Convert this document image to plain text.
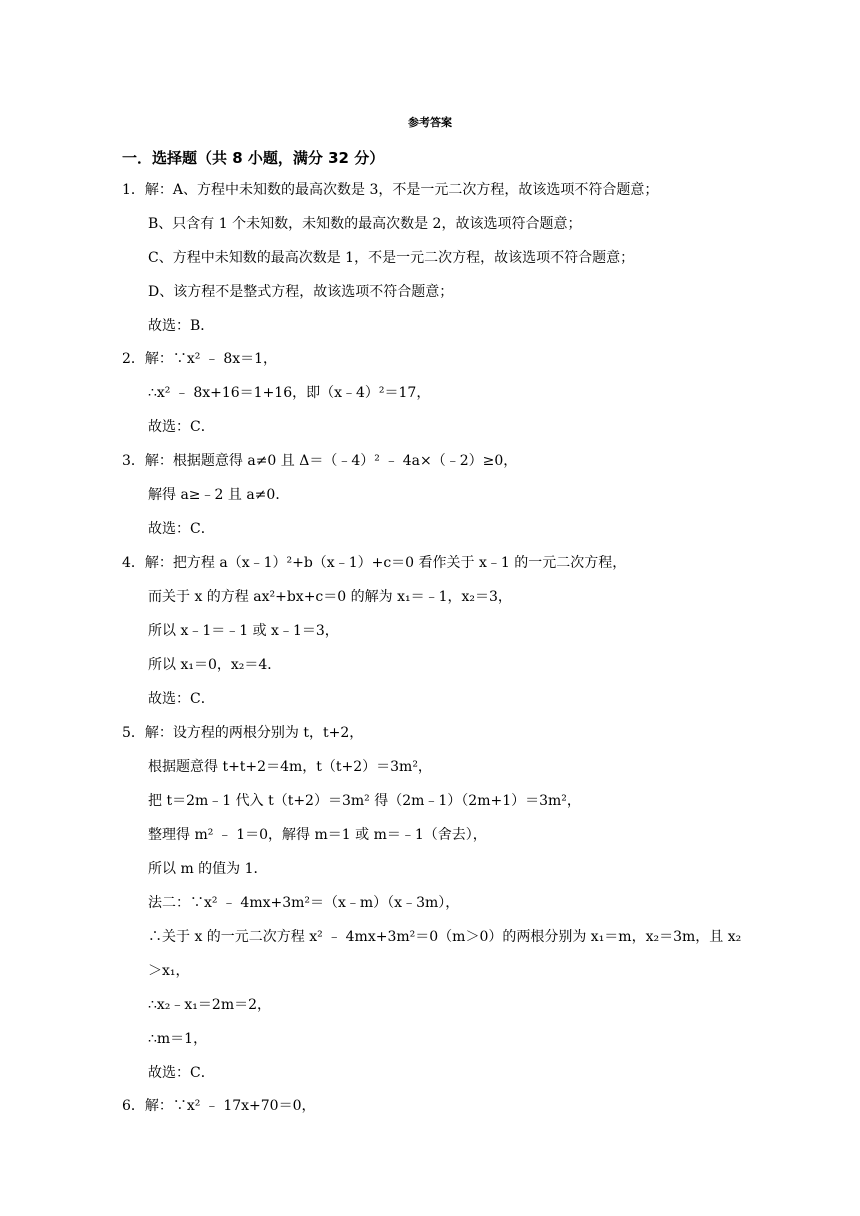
参考答案
一．选择题（共 8 小题，满分 32 分）
1．解：A、方程中未知数的最高次数是 3，不是一元二次方程，故该选项不符合题意；
B、只含有 1 个未知数，未知数的最高次数是 2，故该选项符合题意；
C、方程中未知数的最高次数是 1，不是一元二次方程，故该选项不符合题意；
D、该方程不是整式方程，故该选项不符合题意；
故选：B．
2．解：∵x² ﹣ 8x＝1，
∴x² ﹣ 8x+16＝1+16，即（x﹣4）²＝17，
故选：C．
3．解：根据题意得 a≠0 且 Δ＝（﹣4）² ﹣ 4a×（﹣2）≥0，
解得 a≥﹣2 且 a≠0．
故选：C．
4．解：把方程 a（x﹣1）²+b（x﹣1）+c＝0 看作关于 x﹣1 的一元二次方程，
而关于 x 的方程 ax²+bx+c＝0 的解为 x₁＝﹣1，x₂＝3，
所以 x﹣1＝﹣1 或 x﹣1＝3，
所以 x₁＝0，x₂＝4．
故选：C．
5．解：设方程的两根分别为 t，t+2，
根据题意得 t+t+2＝4m，t（t+2）＝3m²，
把 t＝2m﹣1 代入 t（t+2）＝3m² 得（2m﹣1）（2m+1）＝3m²，
整理得 m² ﹣ 1＝0，解得 m＝1 或 m＝﹣1（舍去），
所以 m 的值为 1．
法二：∵x² ﹣ 4mx+3m²＝（x﹣m）（x﹣3m），
∴关于 x 的一元二次方程 x² ﹣ 4mx+3m²＝0（m＞0）的两根分别为 x₁＝m，x₂＝3m，且 x₂
＞x₁，
∴x₂﹣x₁＝2m＝2，
∴m＝1，
故选：C．
6．解：∵x² ﹣ 17x+70＝0，
